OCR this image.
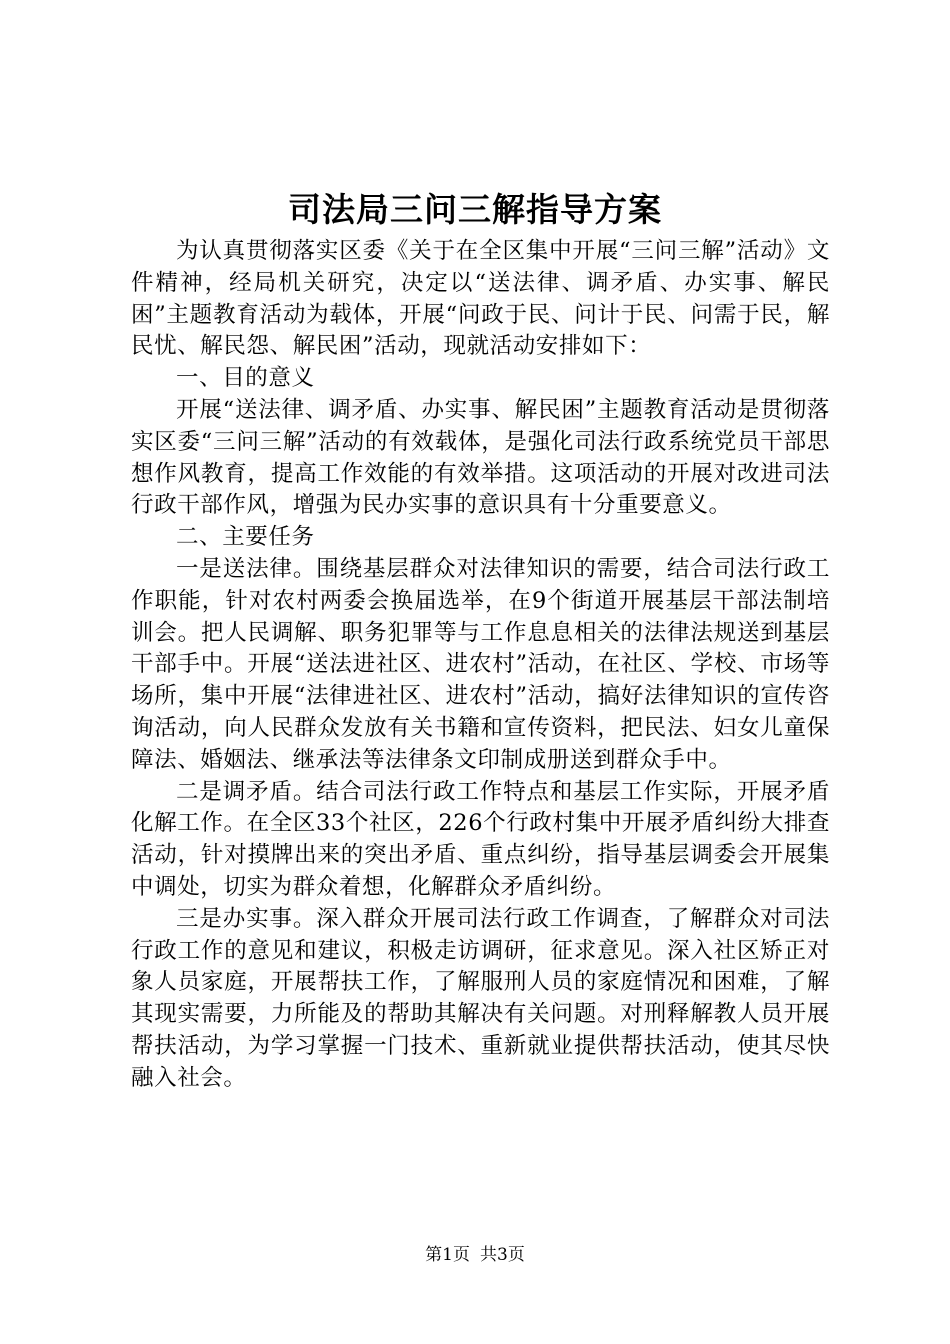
司法局三问三解指导方案

为认真贯彻落实区委《关于在全区集中开展“三问三解”活动》文件精神，经局机关研究，决定以“送法律、调矛盾、办实事、解民困”主题教育活动为载体，开展“问政于民、问计于民、问需于民，解民忧、解民怨、解民困”活动，现就活动安排如下：

一、目的意义

开展“送法律、调矛盾、办实事、解民困”主题教育活动是贯彻落实区委“三问三解”活动的有效载体，是强化司法行政系统党员干部思想作风教育，提高工作效能的有效举措。这项活动的开展对改进司法行政干部作风，增强为民办实事的意识具有十分重要意义。

二、主要任务

一是送法律。围绕基层群众对法律知识的需要，结合司法行政工作职能，针对农村两委会换届选举，在9个街道开展基层干部法制培训会。把人民调解、职务犯罪等与工作息息相关的法律法规送到基层干部手中。开展“送法进社区、进农村”活动，在社区、学校、市场等场所，集中开展“法律进社区、进农村”活动，搞好法律知识的宣传咨询活动，向人民群众发放有关书籍和宣传资料，把民法、妇女儿童保障法、婚姻法、继承法等法律条文印制成册送到群众手中。

二是调矛盾。结合司法行政工作特点和基层工作实际，开展矛盾化解工作。在全区33个社区，226个行政村集中开展矛盾纠纷大排查活动，针对摸牌出来的突出矛盾、重点纠纷，指导基层调委会开展集中调处，切实为群众着想，化解群众矛盾纠纷。

三是办实事。深入群众开展司法行政工作调查，了解群众对司法行政工作的意见和建议，积极走访调研，征求意见。深入社区矫正对象人员家庭，开展帮扶工作，了解服刑人员的家庭情况和困难，了解其现实需要，力所能及的帮助其解决有关问题。对刑释解教人员开展帮扶活动，为学习掌握一门技术、重新就业提供帮扶活动，使其尽快融入社会。

第1页 共3页
